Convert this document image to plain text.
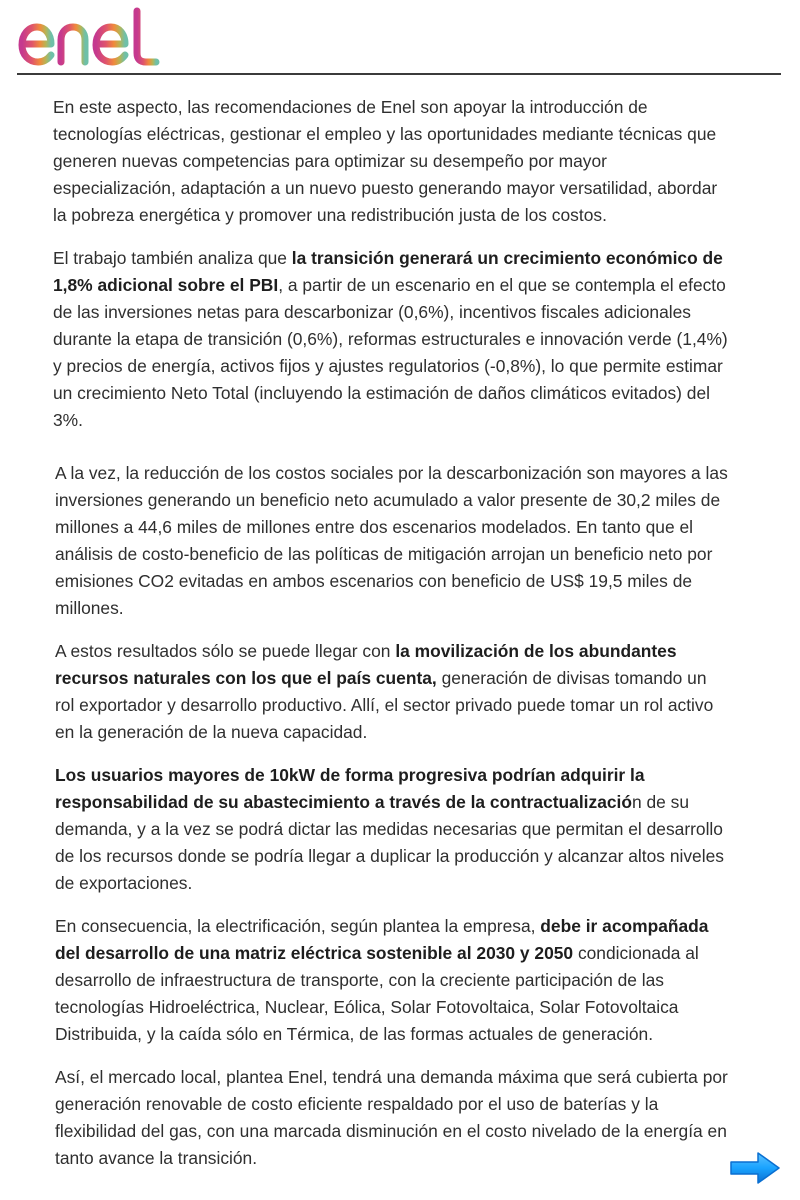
En este aspecto, las recomendaciones de Enel son apoyar la introducción de tecnologías eléctricas, gestionar el empleo y las oportunidades mediante técnicas que generen nuevas competencias para optimizar su desempeño por mayor especialización, adaptación a un nuevo puesto generando mayor versatilidad, abordar la pobreza energética y promover una redistribución justa de los costos.

El trabajo también analiza que la transición generará un crecimiento económico de 1,8% adicional sobre el PBI, a partir de un escenario en el que se contempla el efecto de las inversiones netas para descarbonizar (0,6%), incentivos fiscales adicionales durante la etapa de transición (0,6%), reformas estructurales e innovación verde (1,4%) y precios de energía, activos fijos y ajustes regulatorios (-0,8%), lo que permite estimar un crecimiento Neto Total (incluyendo la estimación de daños climáticos evitados) del 3%.

A la vez, la reducción de los costos sociales por la descarbonización son mayores a las inversiones generando un beneficio neto acumulado a valor presente de 30,2 miles de millones a 44,6 miles de millones entre dos escenarios modelados. En tanto que el análisis de costo-beneficio de las políticas de mitigación arrojan un beneficio neto por emisiones CO2 evitadas en ambos escenarios con beneficio de US$ 19,5 miles de millones.

A estos resultados sólo se puede llegar con la movilización de los abundantes recursos naturales con los que el país cuenta, generación de divisas tomando un rol exportador y desarrollo productivo. Allí, el sector privado puede tomar un rol activo en la generación de la nueva capacidad.

Los usuarios mayores de 10kW de forma progresiva podrían adquirir la responsabilidad de su abastecimiento a través de la contractualización de su demanda, y a la vez se podrá dictar las medidas necesarias que permitan el desarrollo de los recursos donde se podría llegar a duplicar la producción y alcanzar altos niveles de exportaciones.

En consecuencia, la electrificación, según plantea la empresa, debe ir acompañada del desarrollo de una matriz eléctrica sostenible al 2030 y 2050 condicionada al desarrollo de infraestructura de transporte, con la creciente participación de las tecnologías Hidroeléctrica, Nuclear, Eólica, Solar Fotovoltaica, Solar Fotovoltaica Distribuida, y la caída sólo en Térmica, de las formas actuales de generación.

Así, el mercado local, plantea Enel, tendrá una demanda máxima que será cubierta por generación renovable de costo eficiente respaldado por el uso de baterías y la flexibilidad del gas, con una marcada disminución en el costo nivelado de la energía en tanto avance la transición.
